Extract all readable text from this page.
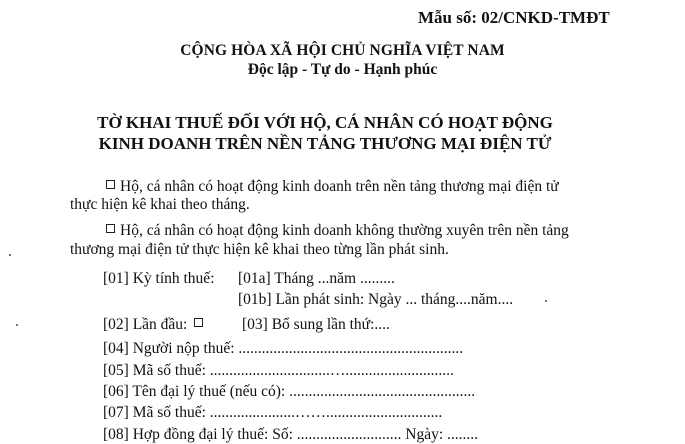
Mẫu số: 02/CNKD-TMĐT
CỘNG HÒA XÃ HỘI CHỦ NGHĨA VIỆT NAM
Độc lập - Tự do - Hạnh phúc
TỜ KHAI THUẾ ĐỐI VỚI HỘ, CÁ NHÂN CÓ HOẠT ĐỘNG
KINH DOANH TRÊN NỀN TẢNG THƯƠNG MẠI ĐIỆN TỬ
Hộ, cá nhân có hoạt động kinh doanh trên nền tảng thương mại điện tử
thực hiện kê khai theo tháng.
Hộ, cá nhân có hoạt động kinh doanh không thường xuyên trên nền tảng
thương mại điện tử thực hiện kê khai theo từng lần phát sinh.
[01] Kỳ tính thuế: [01a] Tháng ...năm .........
[01b] Lần phát sinh: Ngày ... tháng....năm....
[02] Lần đầu:	[03] Bổ sung lần thứ:....
[04] Người nộp thuế: ..........................................................
[05] Mã số thuế: ...............................…............................
[06] Tên đại lý thuế (nếu có): ................................................
[07] Mã số thuế: ......................……..............................
[08] Hợp đồng đại lý thuế: Số: ........................... Ngày: ........
